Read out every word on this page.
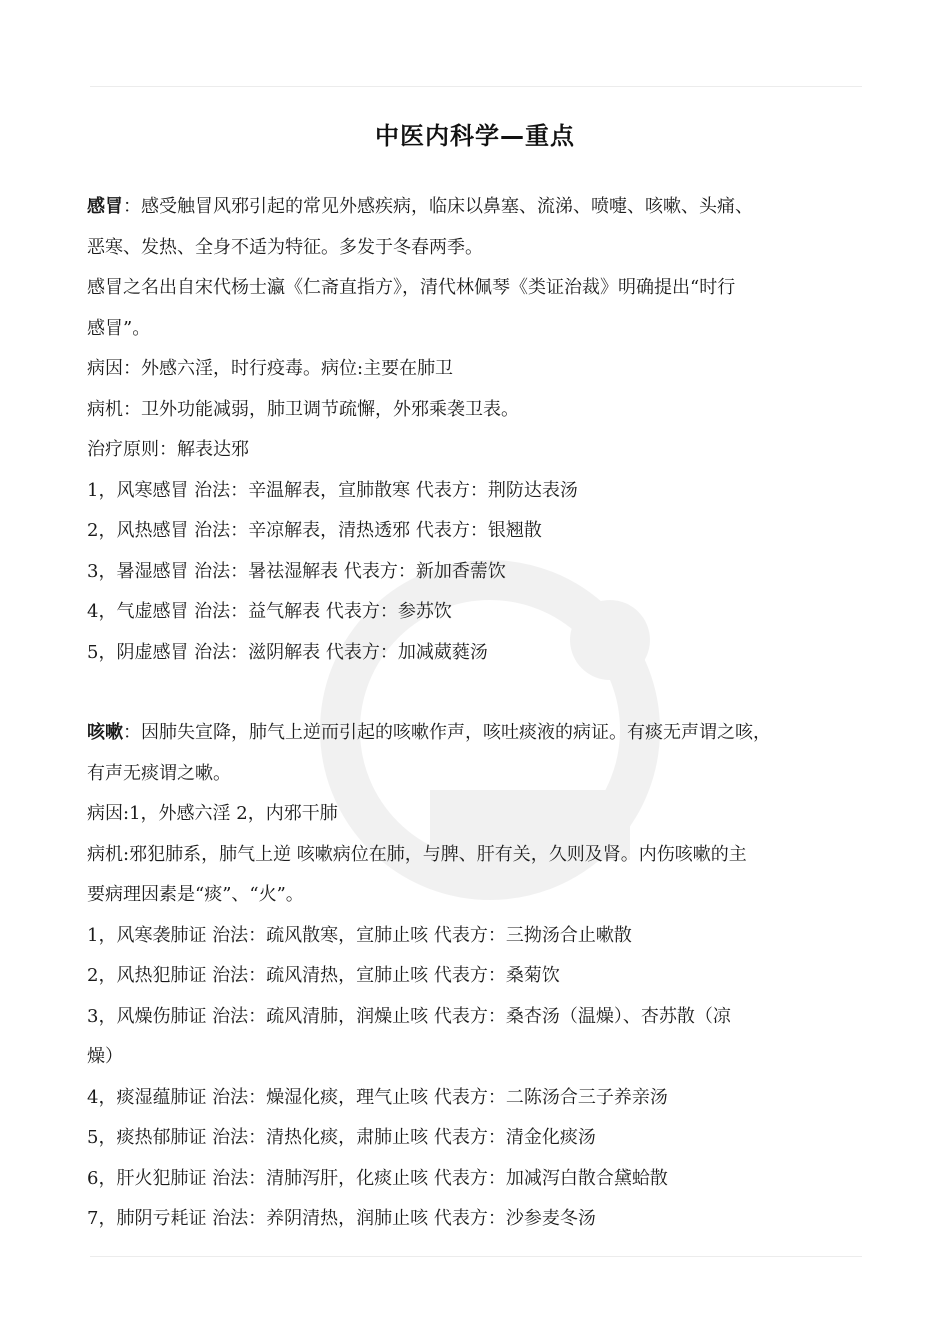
中医内科学—重点

感冒：感受触冒风邪引起的常见外感疾病，临床以鼻塞、流涕、喷嚏、咳嗽、头痛、

恶寒、发热、全身不适为特征。多发于冬春两季。

感冒之名出自宋代杨士瀛《仁斋直指方》，清代林佩琴《类证治裁》明确提出“时行

感冒”。

病因：外感六淫，时行疫毒。病位:主要在肺卫

病机：卫外功能减弱，肺卫调节疏懈，外邪乘袭卫表。

治疗原则：解表达邪

1，风寒感冒 治法：辛温解表，宣肺散寒 代表方：荆防达表汤

2，风热感冒 治法：辛凉解表，清热透邪 代表方：银翘散

3，暑湿感冒 治法：暑祛湿解表 代表方：新加香薷饮

4，气虚感冒 治法：益气解表 代表方：参苏饮

5，阴虚感冒 治法：滋阴解表 代表方：加减葳蕤汤

咳嗽：因肺失宣降，肺气上逆而引起的咳嗽作声，咳吐痰液的病证。有痰无声谓之咳，

有声无痰谓之嗽。

病因:1，外感六淫 2，内邪干肺

病机:邪犯肺系，肺气上逆 咳嗽病位在肺，与脾、肝有关，久则及肾。内伤咳嗽的主

要病理因素是“痰”、“火”。

1，风寒袭肺证 治法：疏风散寒，宣肺止咳 代表方：三拗汤合止嗽散

2，风热犯肺证 治法：疏风清热，宣肺止咳 代表方：桑菊饮

3，风燥伤肺证 治法：疏风清肺，润燥止咳 代表方：桑杏汤（温燥）、杏苏散（凉

燥）

4，痰湿蕴肺证 治法：燥湿化痰，理气止咳 代表方：二陈汤合三子养亲汤

5，痰热郁肺证 治法：清热化痰，肃肺止咳 代表方：清金化痰汤

6，肝火犯肺证 治法：清肺泻肝，化痰止咳 代表方：加减泻白散合黛蛤散

7，肺阴亏耗证 治法：养阴清热，润肺止咳 代表方：沙参麦冬汤
